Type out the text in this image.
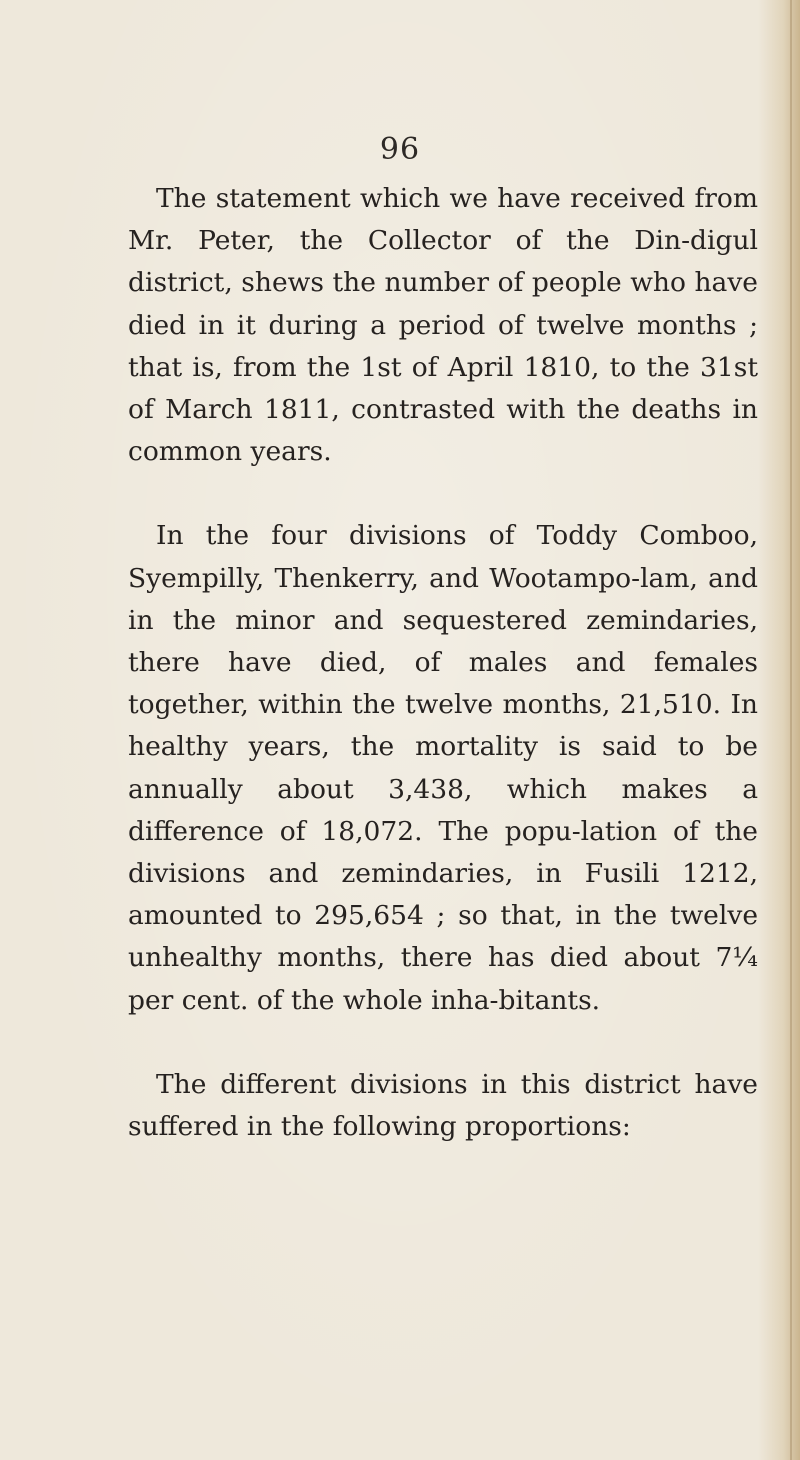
96

The statement which we have received from Mr. Peter, the Collector of the Din-digul district, shews the number of people who have died in it during a period of twelve months ; that is, from the 1st of April 1810, to the 31st of March 1811, contrasted with the deaths in common years.

In the four divisions of Toddy Comboo, Syempilly, Thenkerry, and Wootampo-lam, and in the minor and sequestered zemindaries, there have died, of males and females together, within the twelve months, 21,510. In healthy years, the mortality is said to be annually about 3,438, which makes a difference of 18,072. The popu-lation of the divisions and zemindaries, in Fusili 1212, amounted to 295,654 ; so that, in the twelve unhealthy months, there has died about 7¼ per cent. of the whole inha-bitants.

The different divisions in this district have suffered in the following proportions:
